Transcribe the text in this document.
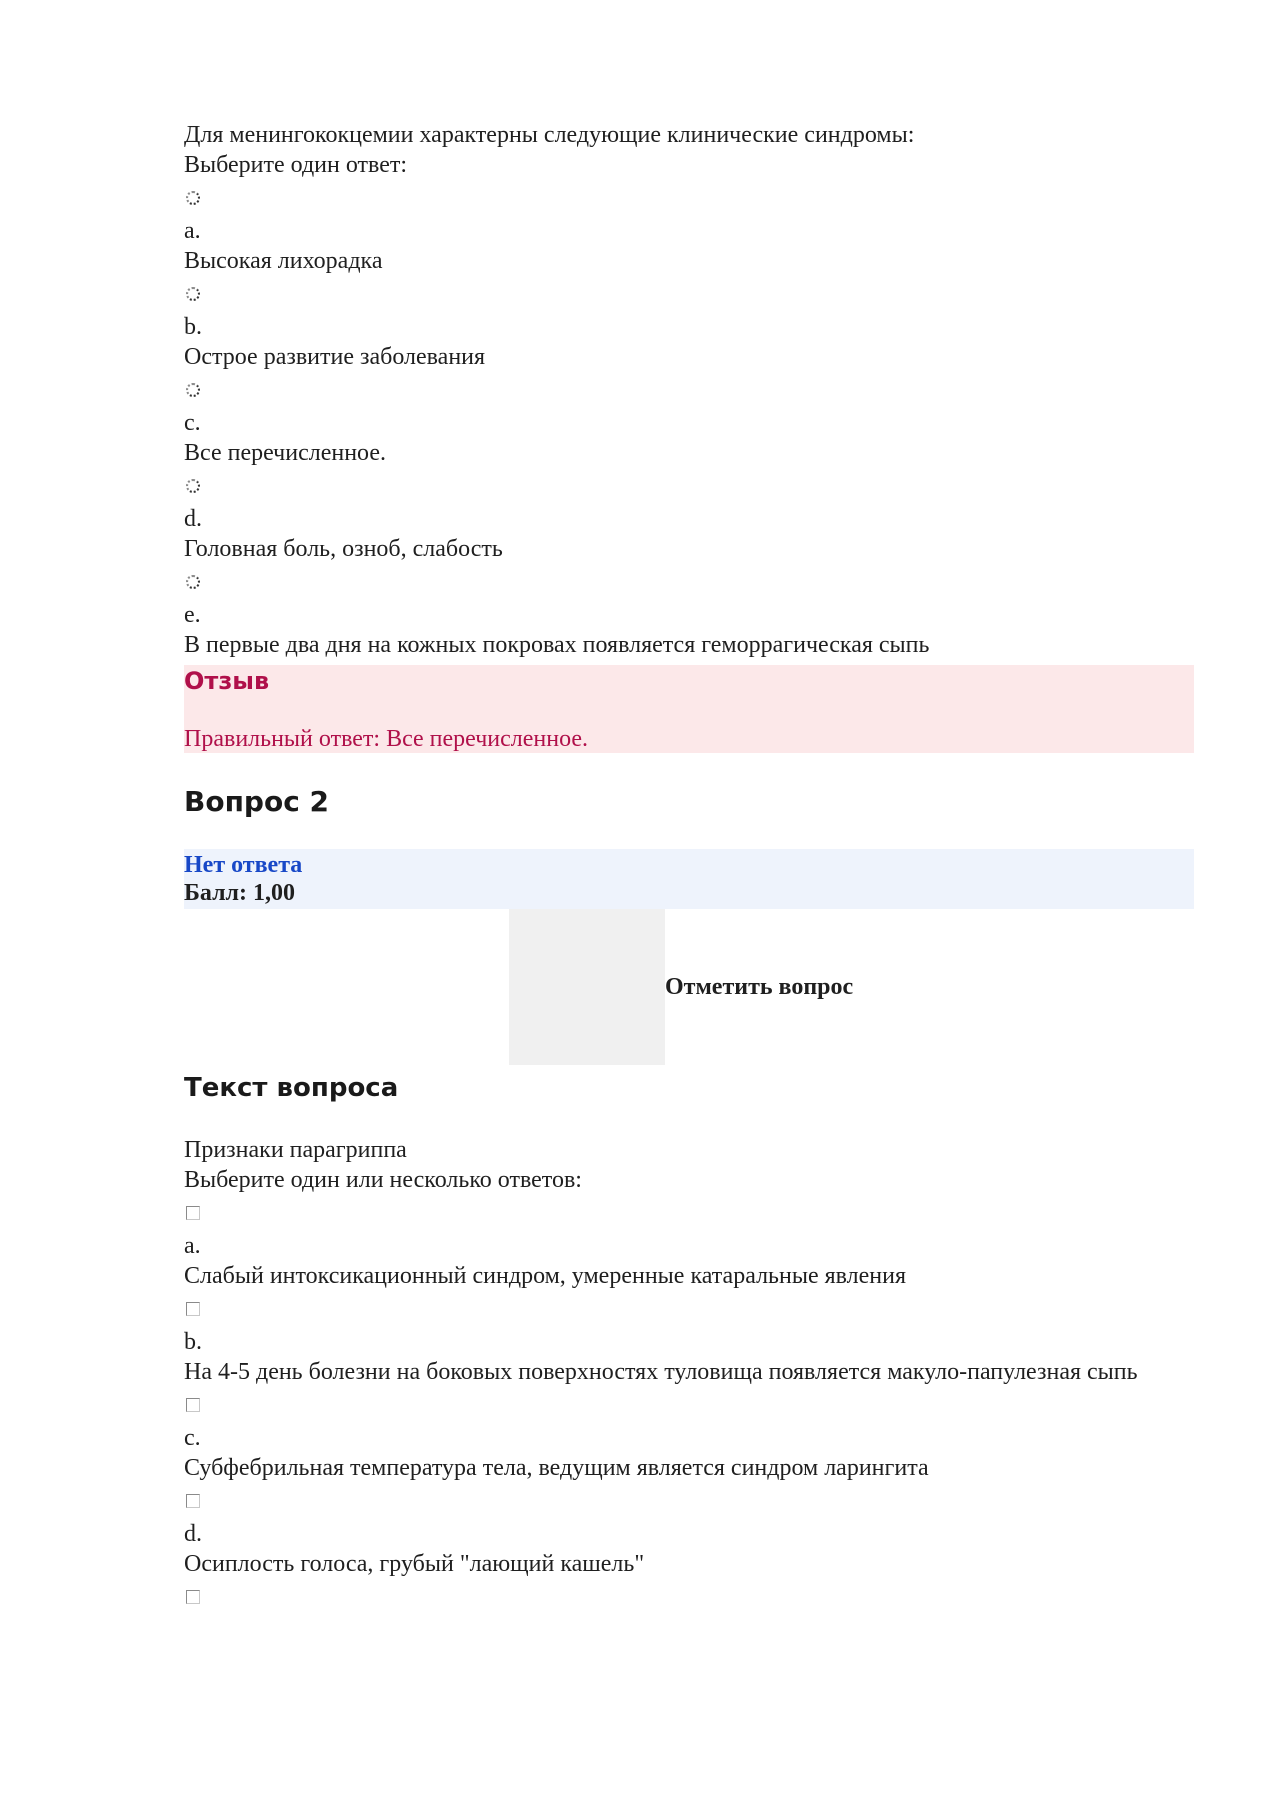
Для менингококцемии характерны следующие клинические синдромы:

Выберите один ответ:

a.
Высокая лихорадка
b.
Острое развитие заболевания
c.
Все перечисленное.
d.
Головная боль, озноб, слабость
e.
В первые два дня на кожных покровах появляется геморрагическая сыпь
Отзыв
Правильный ответ: Все перечисленное.
Вопрос 2
Нет ответа
Балл: 1,00
Отметить вопрос
Текст вопроса

Признаки парагриппа

Выберите один или несколько ответов:

a.
Слабый интоксикационный синдром, умеренные катаральные явления
b.
На 4-5 день болезни на боковых поверхностях туловища появляется макуло-папулезная сыпь
c.
Субфебрильная температура тела, ведущим является синдром ларингита
d.
Осиплость голоса, грубый "лающий кашель"
